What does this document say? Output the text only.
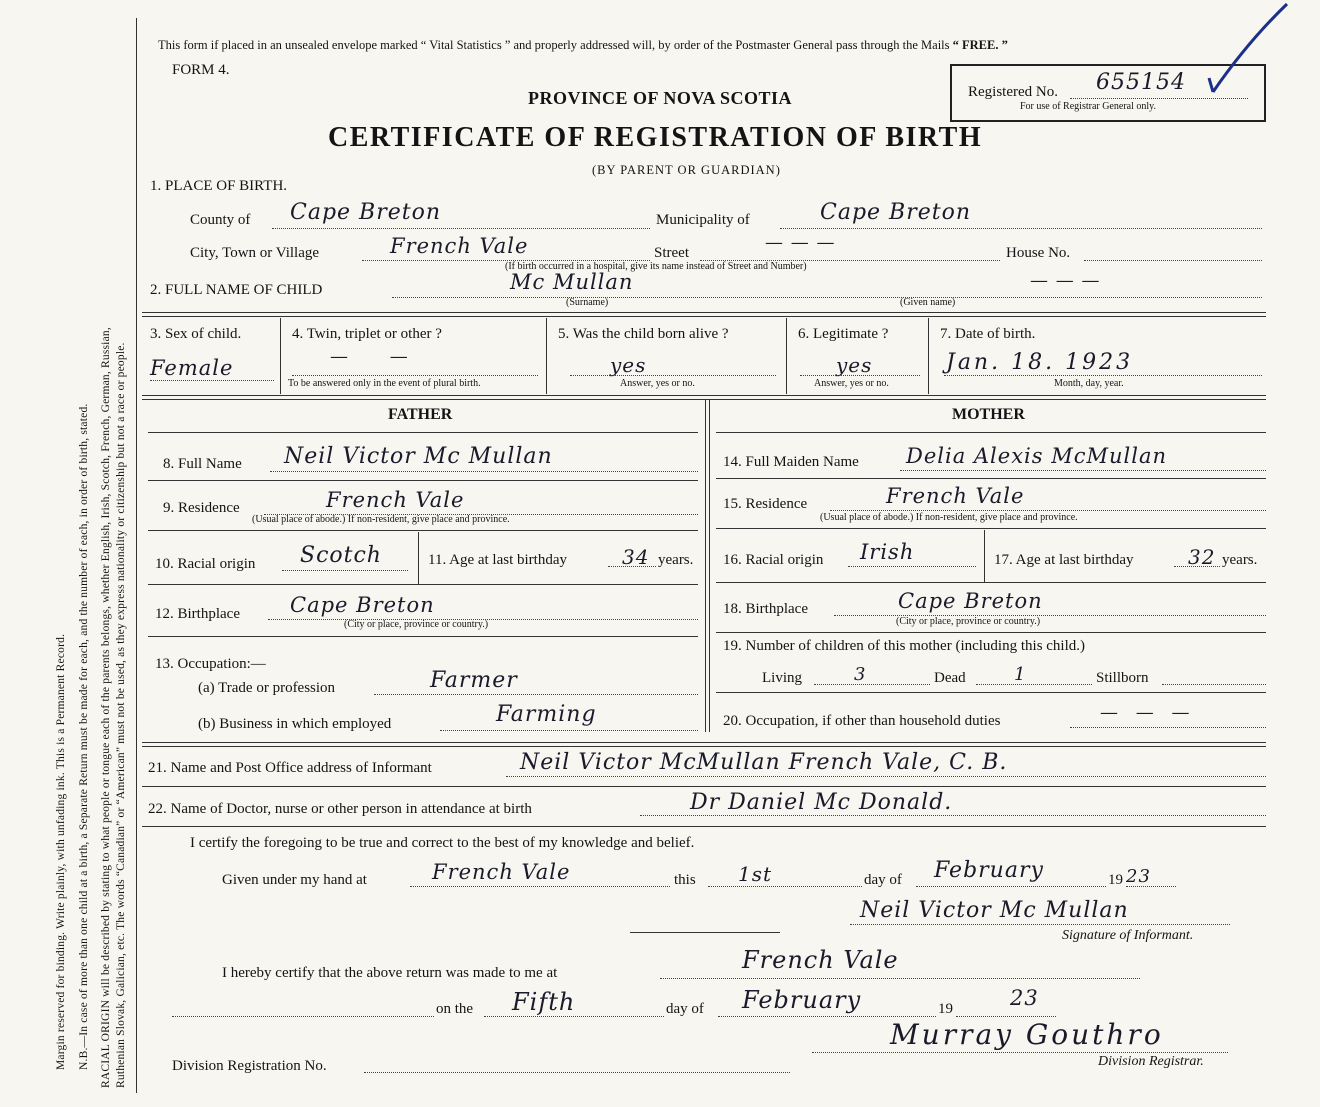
Margin reserved for binding. Write plainly, with unfading ink. This is a Permanent Record. N.B.—In case of more than one child at a birth, a Separate Return must be made for each, and the number of each, in order of birth, stated. RACIAL ORIGIN will be described by stating to what people or tongue each of the parents belongs, whether English, Irish, Scotch, French, German, Russian, Ruthenian Slovak, Galician, etc. The words “Canadian” or “American” must not be used, as they express nationality or citizenship but not a race or people.
This form if placed in an unsealed envelope marked “ Vital Statistics ” and properly addressed will, by order of the Postmaster General pass through the Mails “ FREE. ”
FORM 4.
PROVINCE OF NOVA SCOTIA
CERTIFICATE OF REGISTRATION OF BIRTH
(BY PARENT OR GUARDIAN)
Registered No. 655154
For use of Registrar General only.
1. PLACE OF BIRTH.
County of Cape Breton	Municipality of	Cape Breton
City, Town or Village	French Vale	Street	— — —	House No.
(If birth occurred in a hospital, give its name instead of Street and Number)
2. FULL NAME OF CHILD	Mc Mullan	— — —
(Surname)	(Given name)
3. Sex of child.
Female
4. Twin, triplet or other ?
— —
To be answered only in the event of plural birth.
5. Was the child born alive ?
yes
Answer, yes or no.
6. Legitimate ?
yes
Answer, yes or no.
7. Date of birth.
Jan. 18. 1923
Month, day, year.
FATHER	MOTHER
8. Full Name Neil Victor Mc Mullan
9. Residence	French Vale
(Usual place of abode.) If non-resident, give place and province.
10. Racial origin Scotch	11. Age at last birthday	34 years.
12. Birthplace Cape Breton
(City or place, province or country.)
13. Occupation:—
(a) Trade or profession	Farmer
(b) Business in which employed	Farming
14. Full Maiden Name Delia Alexis McMullan
15. Residence	French Vale
(Usual place of abode.) If non-resident, give place and province.
16. Racial origin Irish	17. Age at last birthday	32 years.
18. Birthplace	Cape Breton
(City or place, province or country.)
19. Number of children of this mother (including this child.)
Living	3	Dead	1	Stillborn
20. Occupation, if other than household duties	— — —
21. Name and Post Office address of Informant	Neil Victor McMullan French Vale, C. B.
22. Name of Doctor, nurse or other person in attendance at birth	Dr Daniel Mc Donald.
I certify the foregoing to be true and correct to the best of my knowledge and belief.
Given under my hand at	French Vale	this 1st	day of February	19 23
Neil Victor Mc Mullan
Signature of Informant.
I hereby certify that the above return was made to me at	French Vale
on the Fifth	day of February	19	23
Murray Gouthro
Division Registrar.
Division Registration No.
